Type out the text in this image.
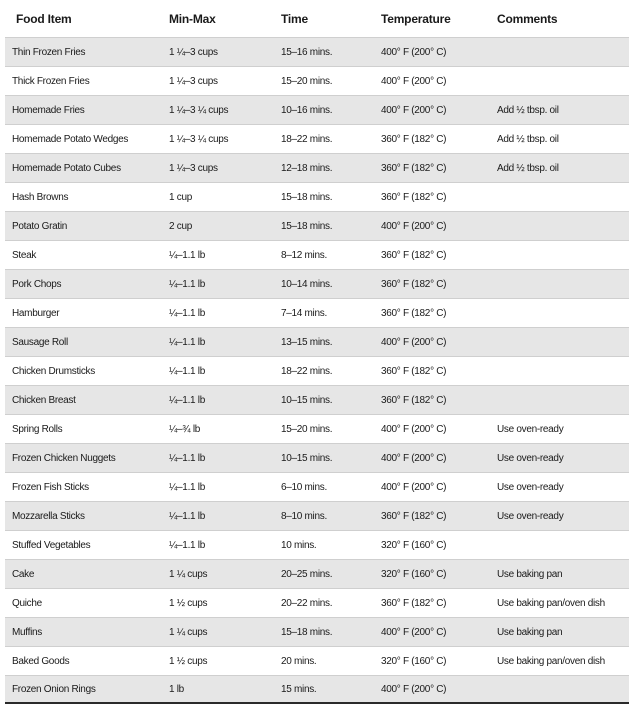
Food Item	Min-Max	Time	Temperature	Comments
Thin Frozen Fries	1 ¼–3 cups	15–16 mins.	400° F (200° C)
Thick Frozen Fries	1 ¼–3 cups	15–20 mins.	400° F (200° C)
Homemade Fries	1 ¼–3 ¼ cups	10–16 mins.	400° F (200° C)	Add ½ tbsp. oil
Homemade Potato Wedges	1 ¼–3 ¼ cups	18–22 mins.	360° F (182° C)	Add ½ tbsp. oil
Homemade Potato Cubes	1 ¼–3 cups	12–18 mins.	360° F (182° C)	Add ½ tbsp. oil
Hash Browns	1 cup	15–18 mins.	360° F (182° C)
Potato Gratin	2 cup	15–18 mins.	400° F (200° C)
Steak	¼–1.1 lb	8–12 mins.	360° F (182° C)
Pork Chops	¼–1.1 lb	10–14 mins.	360° F (182° C)
Hamburger	¼–1.1 lb	7–14 mins.	360° F (182° C)
Sausage Roll	¼–1.1 lb	13–15 mins.	400° F (200° C)
Chicken Drumsticks	¼–1.1 lb	18–22 mins.	360° F (182° C)
Chicken Breast	¼–1.1 lb	10–15 mins.	360° F (182° C)
Spring Rolls	¼–¾ lb	15–20 mins.	400° F (200° C)	Use oven-ready
Frozen Chicken Nuggets	¼–1.1 lb	10–15 mins.	400° F (200° C)	Use oven-ready
Frozen Fish Sticks	¼–1.1 lb	6–10 mins.	400° F (200° C)	Use oven-ready
Mozzarella Sticks	¼–1.1 lb	8–10 mins.	360° F (182° C)	Use oven-ready
Stuffed Vegetables	¼–1.1 lb	10 mins.	320° F (160° C)
Cake	1 ¼ cups	20–25 mins.	320° F (160° C)	Use baking pan
Quiche	1 ½ cups	20–22 mins.	360° F (182° C)	Use baking pan/oven dish
Muffins	1 ¼ cups	15–18 mins.	400° F (200° C)	Use baking pan
Baked Goods	1 ½ cups	20 mins.	320° F (160° C)	Use baking pan/oven dish
Frozen Onion Rings	1 lb	15 mins.	400° F (200° C)
